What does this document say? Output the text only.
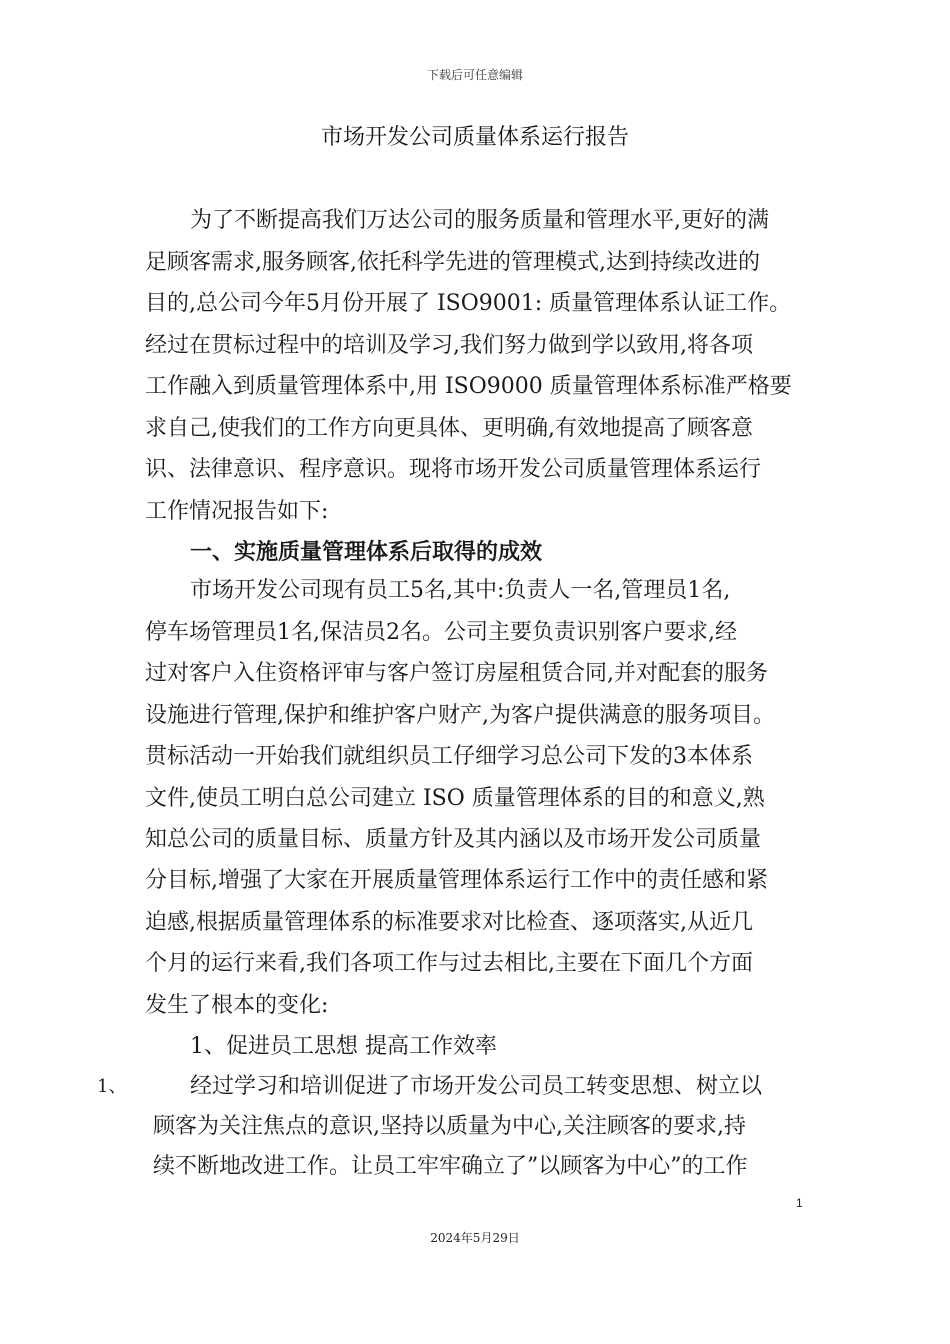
下载后可任意编辑
市场开发公司质量体系运行报告
为了不断提高我们万达公司的服务质量和管理水平,更好的满
足顾客需求,服务顾客,依托科学先进的管理模式,达到持续改进的
目的,总公司今年5月份开展了 ISO9001: 质量管理体系认证工作。
经过在贯标过程中的培训及学习,我们努力做到学以致用,将各项
工作融入到质量管理体系中,用 ISO9000 质量管理体系标准严格要
求自己,使我们的工作方向更具体、更明确,有效地提高了顾客意
识、法律意识、程序意识。现将市场开发公司质量管理体系运行
工作情况报告如下:
一、实施质量管理体系后取得的成效
市场开发公司现有员工5名,其中:负责人一名,管理员1名,
停车场管理员1名,保洁员2名。公司主要负责识别客户要求,经
过对客户入住资格评审与客户签订房屋租赁合同,并对配套的服务
设施进行管理,保护和维护客户财产,为客户提供满意的服务项目。
贯标活动一开始我们就组织员工仔细学习总公司下发的3本体系
文件,使员工明白总公司建立 ISO 质量管理体系的目的和意义,熟
知总公司的质量目标、质量方针及其内涵以及市场开发公司质量
分目标,增强了大家在开展质量管理体系运行工作中的责任感和紧
迫感,根据质量管理体系的标准要求对比检查、逐项落实,从近几
个月的运行来看,我们各项工作与过去相比,主要在下面几个方面
发生了根本的变化:
1、促进员工思想 提高工作效率
1、	经过学习和培训促进了市场开发公司员工转变思想、树立以
顾客为关注焦点的意识,坚持以质量为中心,关注顾客的要求,持
续不断地改进工作。让员工牢牢确立了”以顾客为中心”的工作
1
2024年5月29日
